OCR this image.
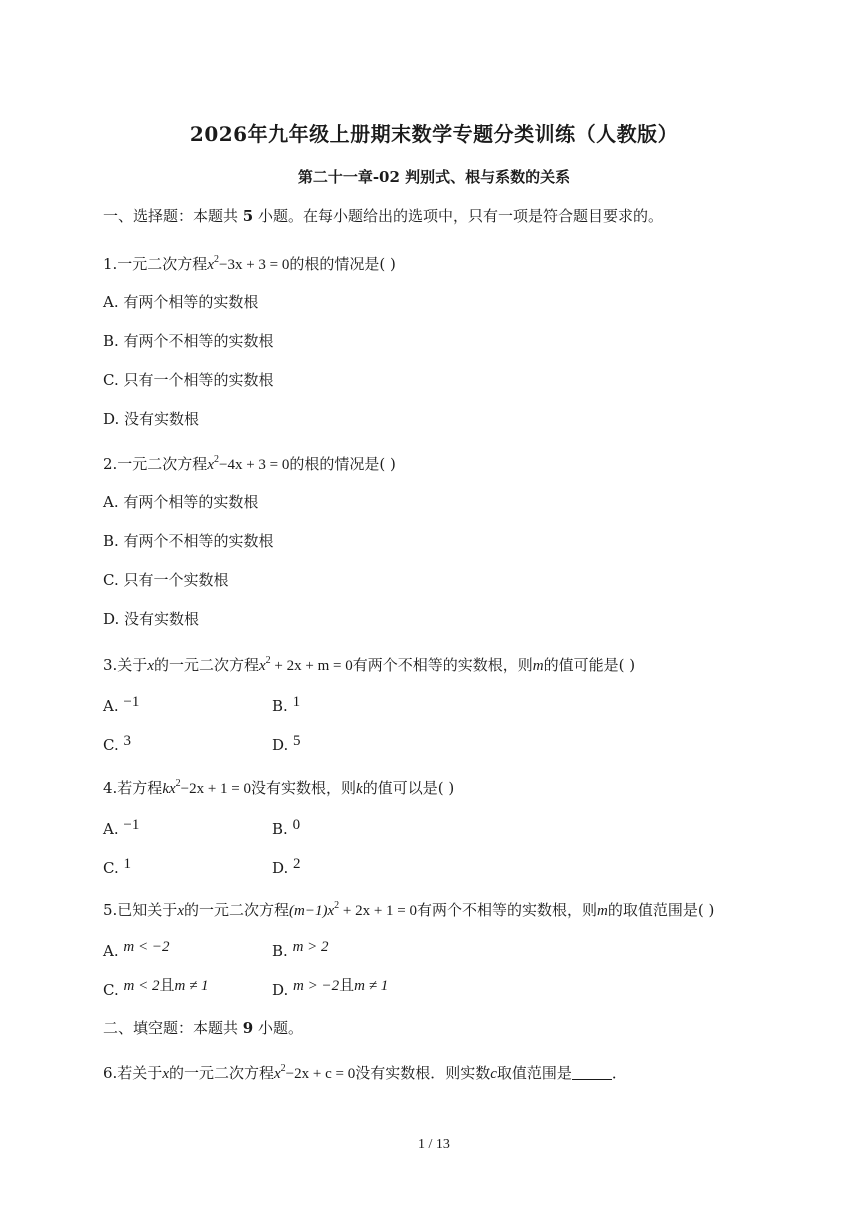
2026年九年级上册期末数学专题分类训练（人教版）
第二十一章-02 判别式、根与系数的关系
一、选择题：本题共 5 小题。在每小题给出的选项中，只有一项是符合题目要求的。
1.一元二次方程$x^2-3x + 3 = 0$的根的情况是( )
A. 有两个相等的实数根
B. 有两个不相等的实数根
C. 只有一个相等的实数根
D. 没有实数根
2.一元二次方程$x^2-4x + 3 = 0$的根的情况是( )
A. 有两个相等的实数根
B. 有两个不相等的实数根
C. 只有一个实数根
D. 没有实数根
3.关于x的一元二次方程$x^2 + 2x + m = 0$有两个不相等的实数根，则m的值可能是( )
A. −1	B. 1
C. 3	D. 5
4.若方程$kx^2-2x + 1 = 0$没有实数根，则k的值可以是( )
A. −1	B. 0
C. 1	D. 2
5.已知关于x的一元二次方程$(m-1)x^2 + 2x + 1 = 0$有两个不相等的实数根，则m的取值范围是( )
A. m < −2	B. m > 2
C. m < 2且m ≠ 1	D. m > −2且m ≠ 1
二、填空题：本题共 9 小题。
6.若关于x的一元二次方程$x^2-2x + c = 0$没有实数根．则实数c取值范围是	．
1 / 13
